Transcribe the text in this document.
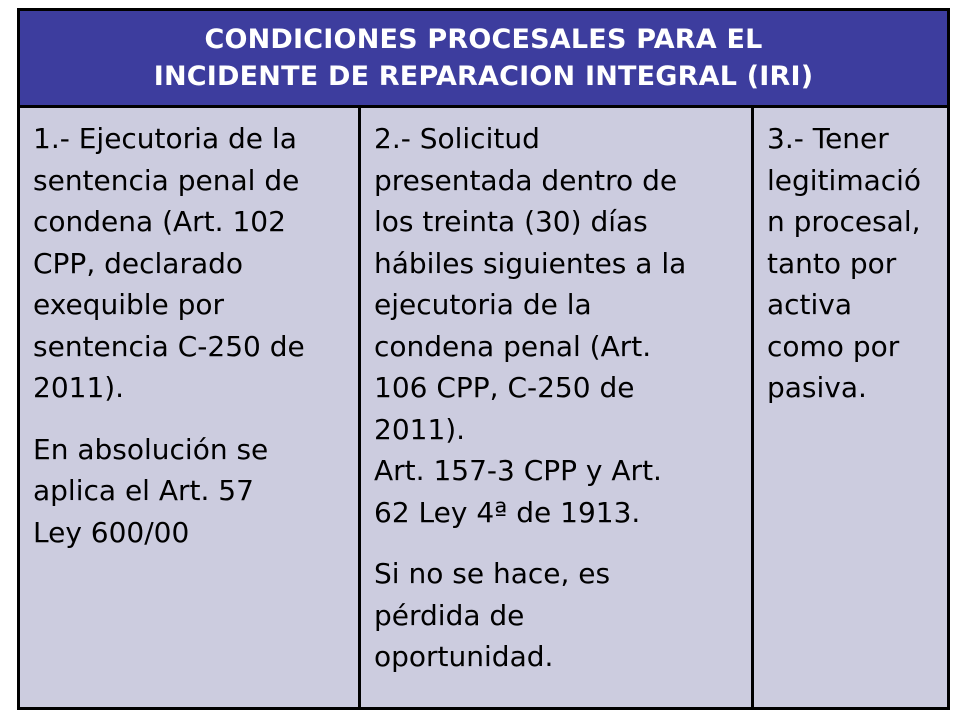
CONDICIONES PROCESALES PARA EL
INCIDENTE DE REPARACION INTEGRAL (IRI)

1.- Ejecutoria de la
sentencia penal de
condena (Art. 102
CPP, declarado
exequible por
sentencia C-250 de
2011).

En absolución se
aplica el Art. 57
Ley 600/00

2.- Solicitud
presentada dentro de
los treinta (30) días
hábiles siguientes a la
ejecutoria de la
condena penal (Art.
106 CPP, C-250 de
2011).
Art. 157-3 CPP y Art.
62 Ley 4ª de 1913.

Si no se hace, es
pérdida de
oportunidad.

3.- Tener
legitimació
n procesal,
tanto por
activa
como por
pasiva.
